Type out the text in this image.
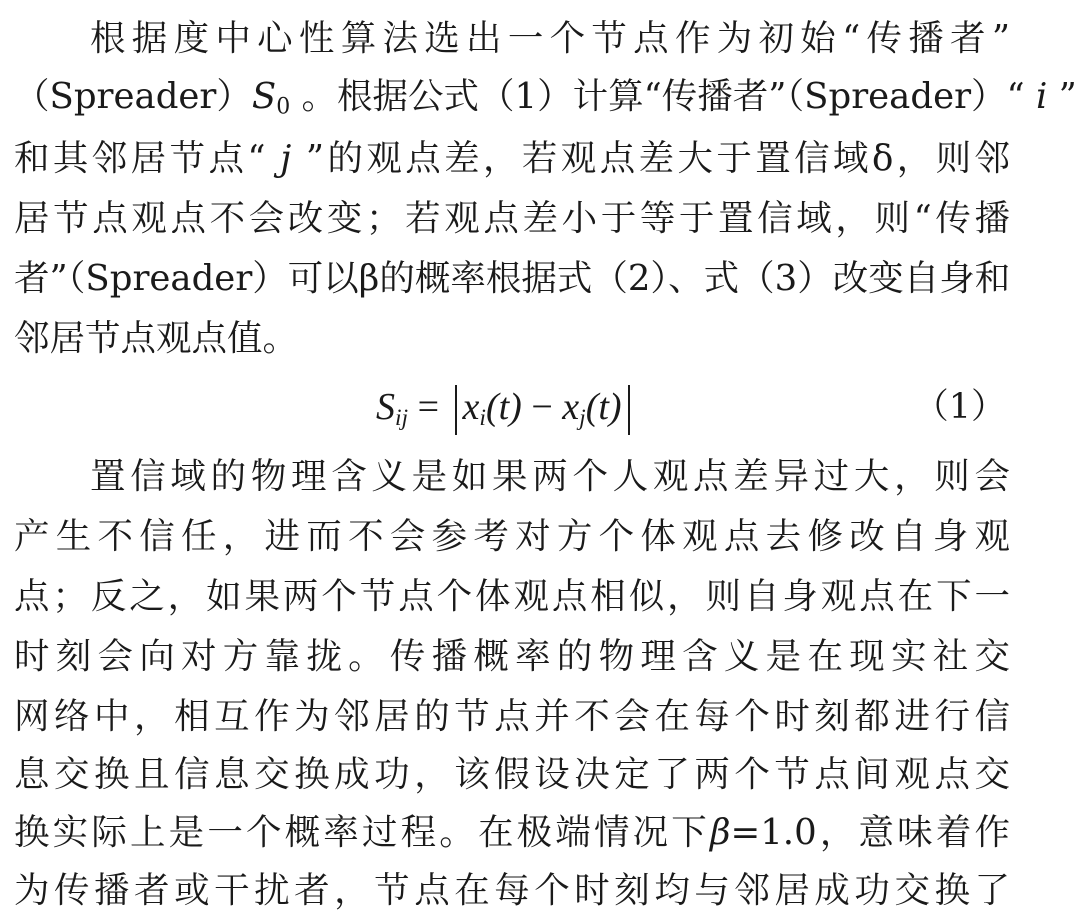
根据度中心性算法选出一个节点作为初始“传播者”
$(Spreader)S_0$ 。根据公式（1）计算“传播者”（Spreader）“ i ”
和其邻居节点“ j ”的观点差，若观点差大于置信域δ，则邻
居节点观点不会改变；若观点差小于等于置信域，则“传播
者”（Spreader）可以β的概率根据式（2）、式（3）改变自身和
邻居节点观点值。
$S_{ij} = x_i(t) - x_j(t)$	（1）
置信域的物理含义是如果两个人观点差异过大，则会
产生不信任，进而不会参考对方个体观点去修改自身观
点；反之，如果两个节点个体观点相似，则自身观点在下一
时刻会向对方靠拢。传播概率的物理含义是在现实社交
网络中，相互作为邻居的节点并不会在每个时刻都进行信
息交换且信息交换成功，该假设决定了两个节点间观点交
换实际上是一个概率过程。在极端情况下β=1.0，意味着作
为传播者或干扰者，节点在每个时刻均与邻居成功交换了
